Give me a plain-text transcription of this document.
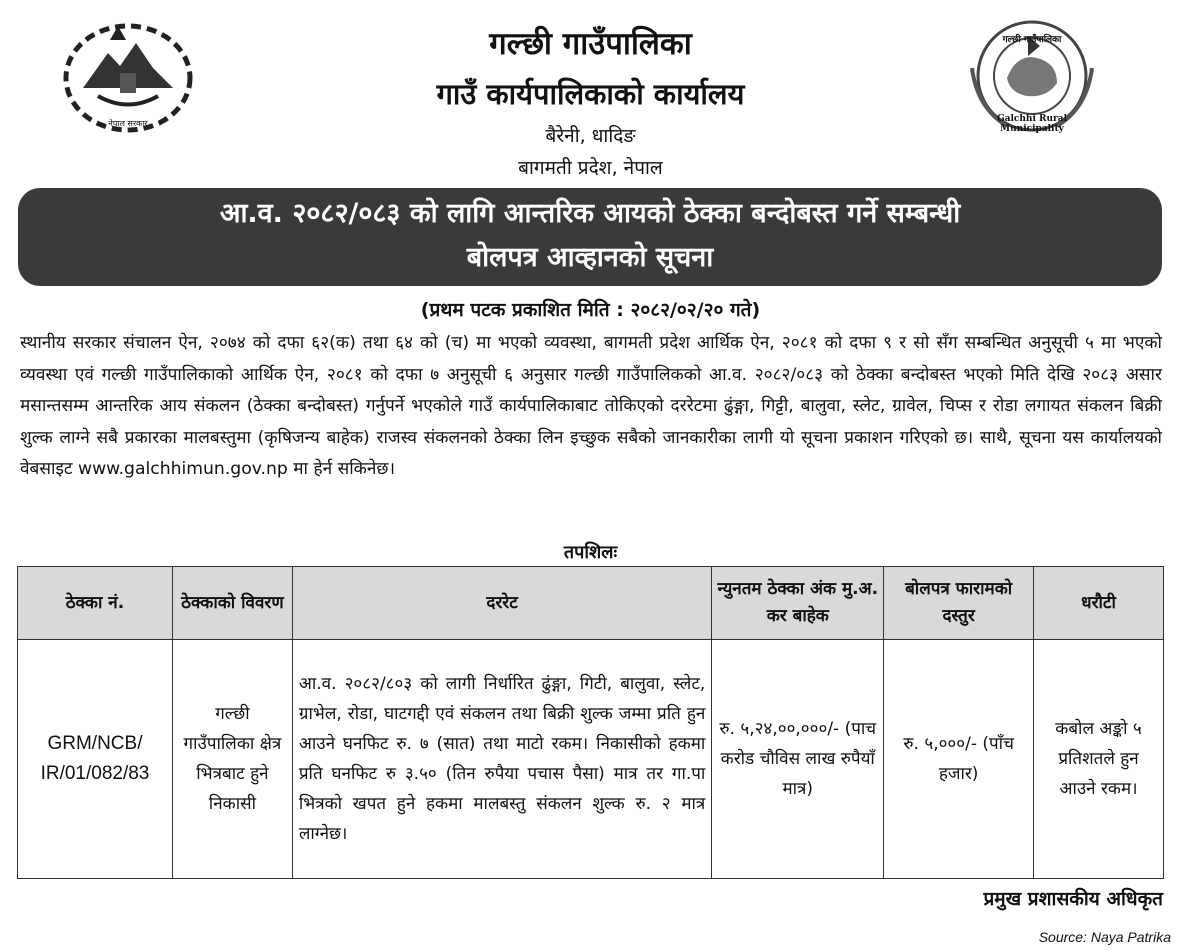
नेपाल सरकार
गल्छी गाउँपालिका
गाउँ कार्यपालिकाको कार्यालय
बैरेनी, धादिङ
बागमती प्रदेश, नेपाल
गल्छी गाउँपालिका
Galchhi Rural Municipality
आ.व. २०८२/०८३ को लागि आन्तरिक आयको ठेक्का बन्दोबस्त गर्ने सम्बन्धी
बोलपत्र आव्हानको सूचना
(प्रथम पटक प्रकाशित मिति : २०८२/०२/२० गते)
स्थानीय सरकार संचालन ऐन, २०७४ को दफा ६२(क) तथा ६४ को (च) मा भएको व्यवस्था, बागमती प्रदेश आर्थिक ऐन, २०८१ को दफा ९ र सो सँग सम्बन्धित अनुसूची ५ मा भएको व्यवस्था एवं गल्छी गाउँपालिकाको आर्थिक ऐन, २०८१ को दफा ७ अनुसूची ६ अनुसार गल्छी गाउँपालिकको आ.व. २०८२/०८३ को ठेक्का बन्दोबस्त भएको मिति देखि २०८३ असार मसान्तसम्म आन्तरिक आय संकलन (ठेक्का बन्दोबस्त) गर्नुपर्ने भएकोले गाउँ कार्यपालिकाबाट तोकिएको दररेटमा ढुंङ्गा, गिट्टी, बालुवा, स्लेट, ग्रावेल, चिप्स र रोडा लगायत संकलन बिक्री शुल्क लाग्ने सबै प्रकारका मालबस्तुमा (कृषिजन्य बाहेक) राजस्व संकलनको ठेक्का लिन इच्छुक सबैको जानकारीका लागी यो सूचना प्रकाशन गरिएको छ। साथै, सूचना यस कार्यालयको वेबसाइट www.galchhimun.gov.np मा हेर्न सकिनेछ।
तपशिलः
ठेक्का नं.	ठेक्काको विवरण	दररेट	न्युनतम ठेक्का अंक मु.अ. कर बाहेक	बोलपत्र फारामको दस्तुर	धरौटी
GRM/NCB/ IR/01/082/83	गल्छी गाउँपालिका क्षेत्र भित्रबाट हुने निकासी	आ.व. २०८२/८०३ को लागी निर्धारित ढुंङ्गा, गिटी, बालुवा, स्लेट, ग्राभेल, रोडा, घाटगद्दी एवं संकलन तथा बिक्री शुल्क जम्मा प्रति हुन आउने घनफिट रु. ७ (सात) तथा माटो रकम। निकासीको हकमा प्रति घनफिट रु ३.५० (तिन रुपैया पचास पैसा) मात्र तर गा.पा भित्रको खपत हुने हकमा मालबस्तु संकलन शुल्क रु. २ मात्र लाग्नेछ।	रु. ५,२४,००,०००/- (पाच करोड चौविस लाख रुपैयाँ मात्र)	रु. ५,०००/- (पाँच हजार)	कबोल अङ्को ५ प्रतिशतले हुन आउने रकम।
प्रमुख प्रशासकीय अधिकृत
Source: Naya Patrika
